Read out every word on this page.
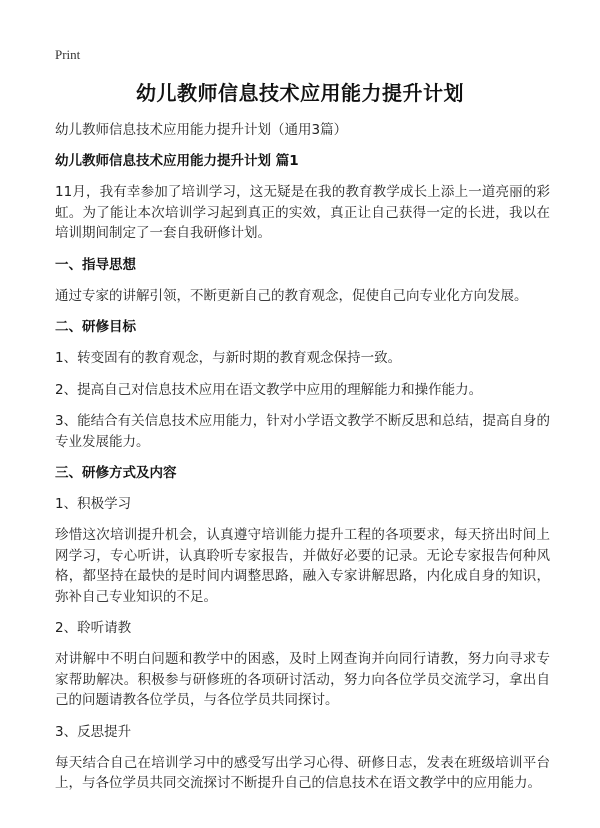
Print
幼儿教师信息技术应用能力提升计划
幼儿教师信息技术应用能力提升计划（通用3篇）
幼儿教师信息技术应用能力提升计划 篇1
11月，我有幸参加了培训学习，这无疑是在我的教育教学成长上添上一道亮丽的彩虹。为了能让本次培训学习起到真正的实效，真正让自己获得一定的长进，我以在培训期间制定了一套自我研修计划。
一、指导思想
通过专家的讲解引领，不断更新自己的教育观念，促使自己向专业化方向发展。
二、研修目标
1、转变固有的教育观念，与新时期的教育观念保持一致。
2、提高自己对信息技术应用在语文教学中应用的理解能力和操作能力。
3、能结合有关信息技术应用能力，针对小学语文教学不断反思和总结，提高自身的专业发展能力。
三、研修方式及内容
1、积极学习
珍惜这次培训提升机会，认真遵守培训能力提升工程的各项要求，每天挤出时间上网学习，专心听讲，认真聆听专家报告，并做好必要的记录。无论专家报告何种风格，都坚持在最快的是时间内调整思路，融入专家讲解思路，内化成自身的知识，弥补自己专业知识的不足。
2、聆听请教
对讲解中不明白问题和教学中的困惑，及时上网查询并向同行请教，努力向寻求专家帮助解决。积极参与研修班的各项研讨活动，努力向各位学员交流学习，拿出自己的问题请教各位学员，与各位学员共同探讨。
3、反思提升
每天结合自己在培训学习中的感受写出学习心得、研修日志，发表在班级培训平台上，与各位学员共同交流探讨不断提升自己的信息技术在语文教学中的应用能力。
